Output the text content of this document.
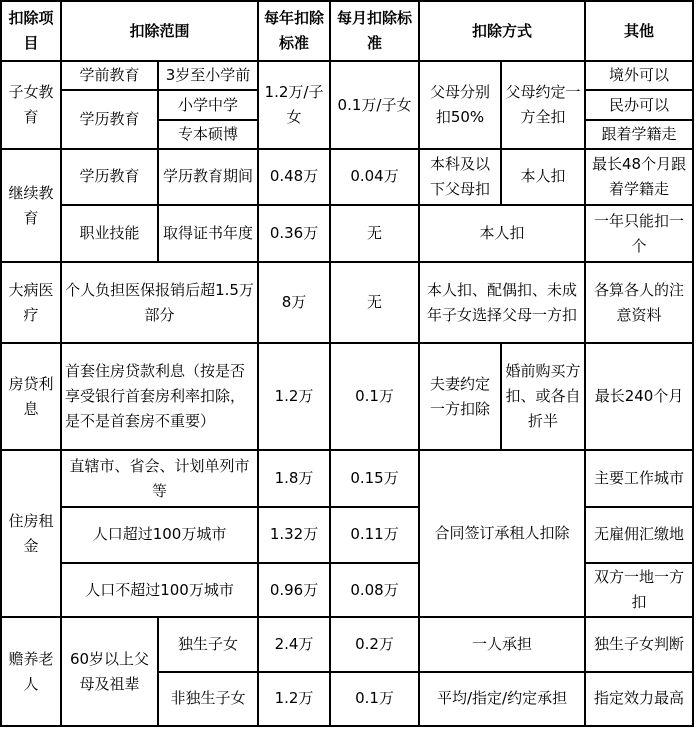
扣除项目	扣除范围		每年扣除标准	每月扣除标准	扣除方式		其他
子女教育	学前教育	3岁至小学前	1.2万/子女	0.1万/子女	父母分别扣50%	父母约定一方全扣	境外可以
	学历教育	小学中学					民办可以
		专本硕博					跟着学籍走
继续教育	学历教育	学历教育期间	0.48万	0.04万	本科及以下父母扣	本人扣	最长48个月跟着学籍走
	职业技能	取得证书年度	0.36万	无	本人扣		一年只能扣一个
大病医疗	个人负担医保报销后超1.5万部分		8万	无	本人扣、配偶扣、未成年子女选择父母一方扣		各算各人的注意资料
房贷利息	首套住房贷款利息（按是否享受银行首套房利率扣除，是不是首套房不重要）		1.2万	0.1万	夫妻约定一方扣除	婚前购买方扣、或各自折半	最长240个月
住房租金	直辖市、省会、计划单列市等		1.8万	0.15万	合同签订承租人扣除		主要工作城市
	人口超过100万城市		1.32万	0.11万			无雇佣汇缴地
	人口不超过100万城市		0.96万	0.08万			双方一地一方扣
赡养老人	60岁以上父母及祖辈	独生子女	2.4万	0.2万	一人承担		独生子女判断
		非独生子女	1.2万	0.1万	平均/指定/约定承担		指定效力最高
